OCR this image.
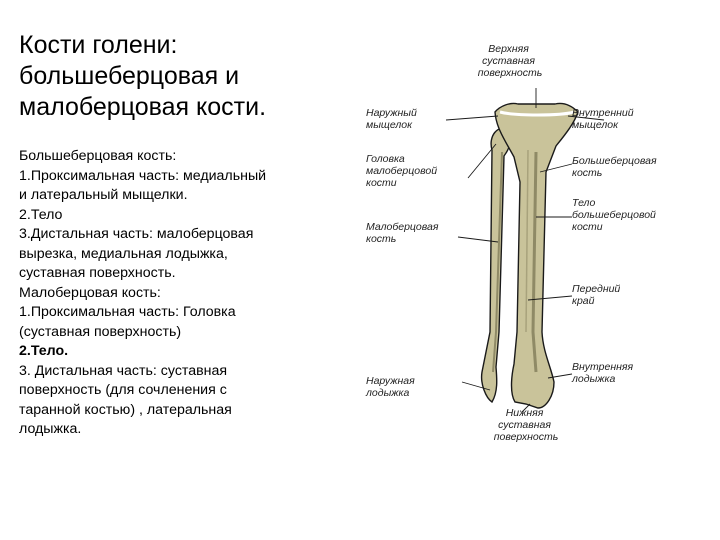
Кости голени:
большеберцовая и
малоберцовая кости.
Большеберцовая кость:
1.Проксимальная часть: медиальный
и латеральный мыщелки.
2.Тело
3.Дистальная часть: малоберцовая
вырезка, медиальная лодыжка,
суставная поверхность.
Малоберцовая кость:
1.Проксимальная часть: Головка
(суставная поверхность)
2.Тело.
3. Дистальная часть: суставная
поверхность (для сочленения с
таранной костью) , латеральная
лодыжка.
Верхняя суставная поверхность
Наружный мыщелок
Внутренний мыщелок
Головка малоберцовой кости
Большеберцовая кость
Тело большеберцовой кости
Малоберцовая кость
Передний край
Наружная лодыжка
Внутренняя лодыжка
Нижняя суставная поверхность
